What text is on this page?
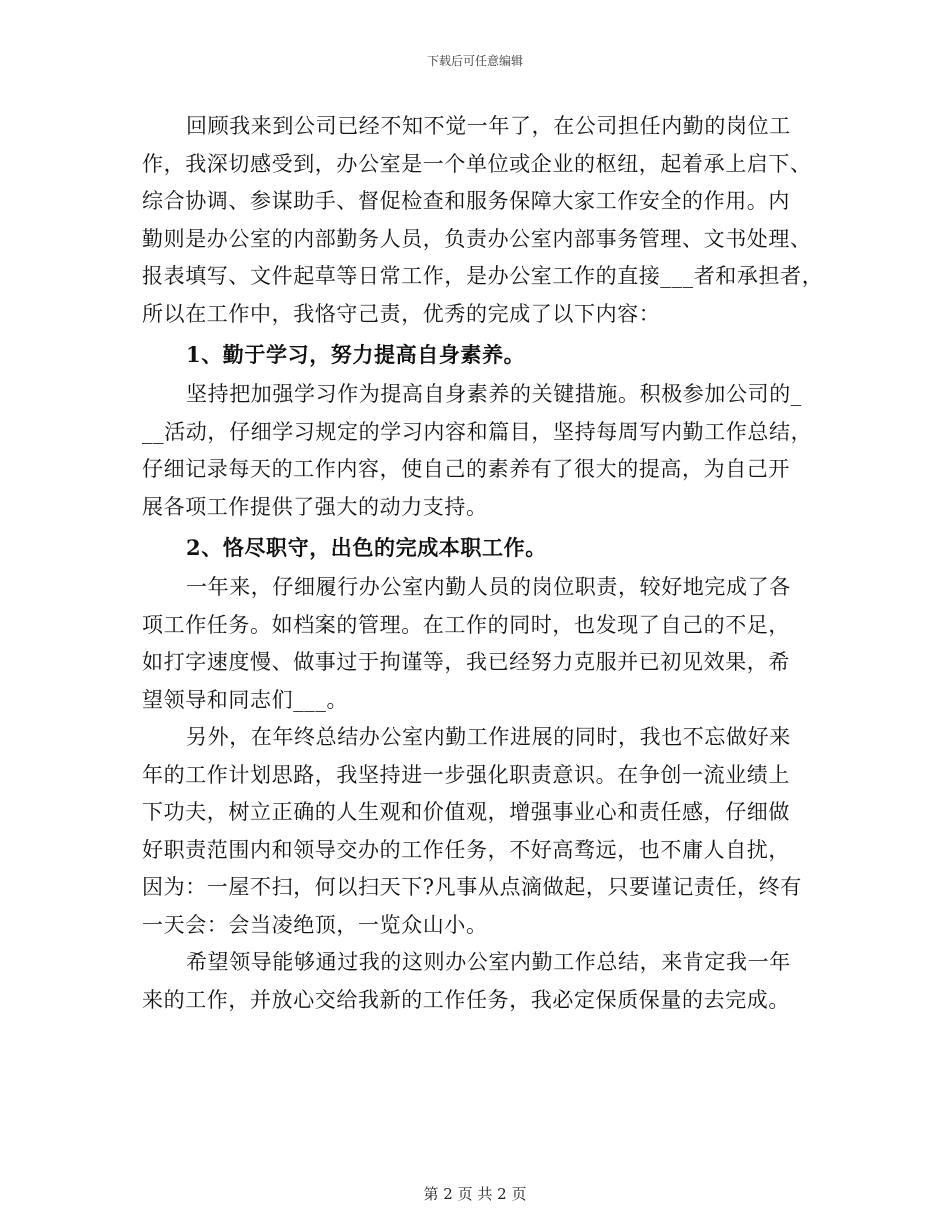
下载后可任意编辑
回顾我来到公司已经不知不觉一年了，在公司担任内勤的岗位工
作，我深切感受到，办公室是一个单位或企业的枢纽，起着承上启下、
综合协调、参谋助手、督促检查和服务保障大家工作安全的作用。内
勤则是办公室的内部勤务人员，负责办公室内部事务管理、文书处理、
报表填写、文件起草等日常工作，是办公室工作的直接___者和承担者，
所以在工作中，我恪守己责，优秀的完成了以下内容：
1、勤于学习，努力提高自身素养。
坚持把加强学习作为提高自身素养的关键措施。积极参加公司的_
__活动，仔细学习规定的学习内容和篇目，坚持每周写内勤工作总结，
仔细记录每天的工作内容，使自己的素养有了很大的提高，为自己开
展各项工作提供了强大的动力支持。
2、恪尽职守，出色的完成本职工作。
一年来，仔细履行办公室内勤人员的岗位职责，较好地完成了各
项工作任务。如档案的管理。在工作的同时，也发现了自己的不足，
如打字速度慢、做事过于拘谨等，我已经努力克服并已初见效果，希
望领导和同志们___。
另外，在年终总结办公室内勤工作进展的同时，我也不忘做好来
年的工作计划思路，我坚持进一步强化职责意识。在争创一流业绩上
下功夫，树立正确的人生观和价值观，增强事业心和责任感，仔细做
好职责范围内和领导交办的工作任务，不好高骛远，也不庸人自扰，
因为：一屋不扫，何以扫天下?凡事从点滴做起，只要谨记责任，终有
一天会：会当凌绝顶，一览众山小。
希望领导能够通过我的这则办公室内勤工作总结，来肯定我一年
来的工作，并放心交给我新的工作任务，我必定保质保量的去完成。
第 2 页 共 2 页
